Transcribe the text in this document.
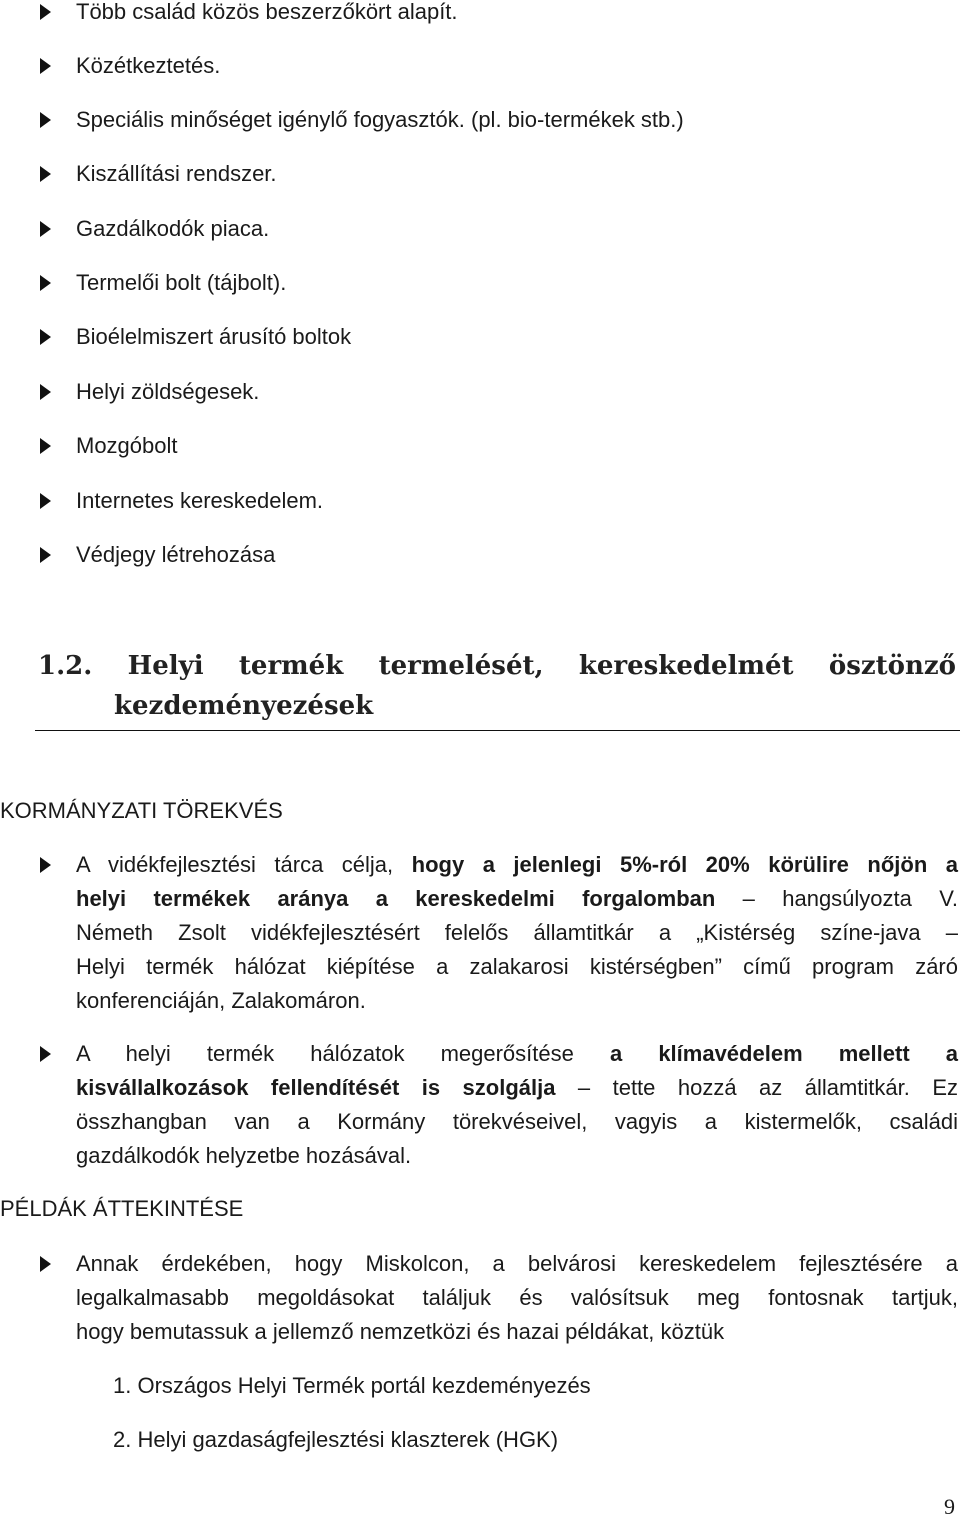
Több család közös beszerzőkört alapít.
Közétkeztetés.
Speciális minőséget igénylő fogyasztók. (pl. bio-termékek stb.)
Kiszállítási rendszer.
Gazdálkodók piaca.
Termelői bolt (tájbolt).
Bioélelmiszert árusító boltok
Helyi zöldségesek.
Mozgóbolt
Internetes kereskedelem.
Védjegy létrehozása
1.2. Helyi termék termelését, kereskedelmét ösztönző
kezdeményezések
KORMÁNYZATI TÖREKVÉS
A vidékfejlesztési tárca célja, hogy a jelenlegi 5%-ról 20% körülire nőjön a
helyi termékek aránya a kereskedelmi forgalomban – hangsúlyozta V.
Németh Zsolt vidékfejlesztésért felelős államtitkár a „Kistérség színe-java –
Helyi termék hálózat kiépítése a zalakarosi kistérségben” című program záró
konferenciáján, Zalakomáron.
A helyi termék hálózatok megerősítése a klímavédelem mellett a
kisvállalkozások fellendítését is szolgálja – tette hozzá az államtitkár. Ez
összhangban van a Kormány törekvéseivel, vagyis a kistermelők, családi
gazdálkodók helyzetbe hozásával.
PÉLDÁK ÁTTEKINTÉSE
Annak érdekében, hogy Miskolcon, a belvárosi kereskedelem fejlesztésére a
legalkalmasabb megoldásokat találjuk és valósítsuk meg fontosnak tartjuk,
hogy bemutassuk a jellemző nemzetközi és hazai példákat, köztük
1. Országos Helyi Termék portál kezdeményezés
2. Helyi gazdaságfejlesztési klaszterek (HGK)
9
